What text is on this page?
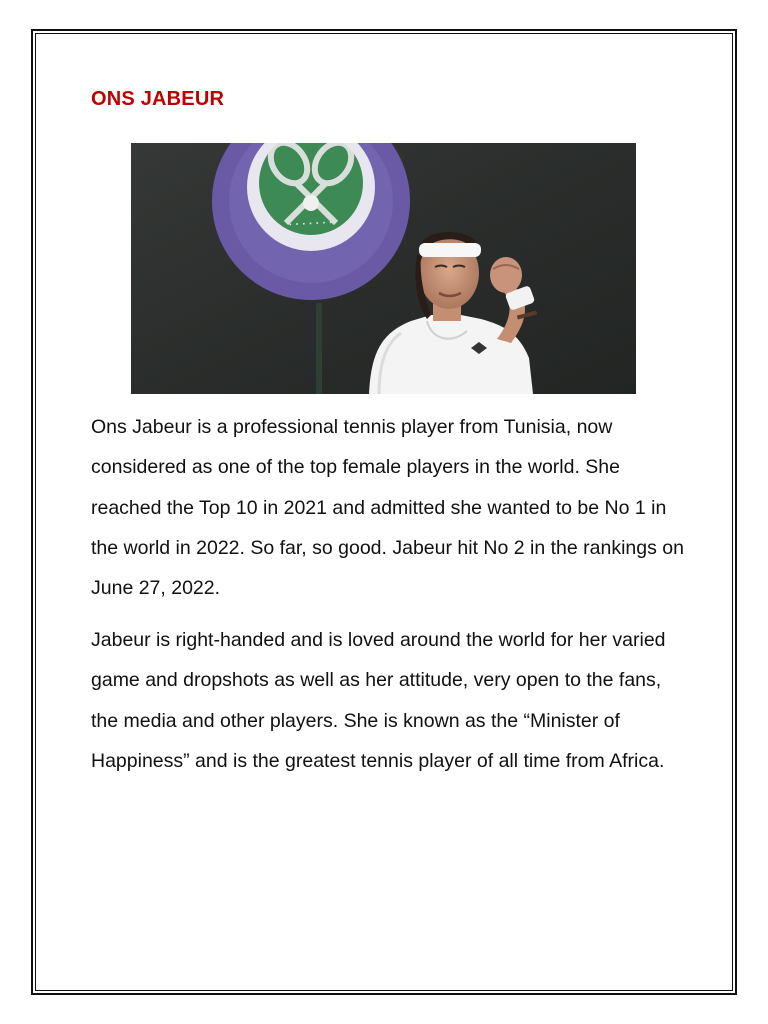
ONS JABEUR
· · · · · · ·

Ons Jabeur is a professional tennis player from Tunisia, now considered as one of the top female players in the world. She reached the Top 10 in 2021 and admitted she wanted to be No 1 in the world in 2022. So far, so good. Jabeur hit No 2 in the rankings on June 27, 2022.

Jabeur is right-handed and is loved around the world for her varied game and dropshots as well as her attitude, very open to the fans, the media and other players. She is known as the “Minister of Happiness” and is the greatest tennis player of all time from Africa.
